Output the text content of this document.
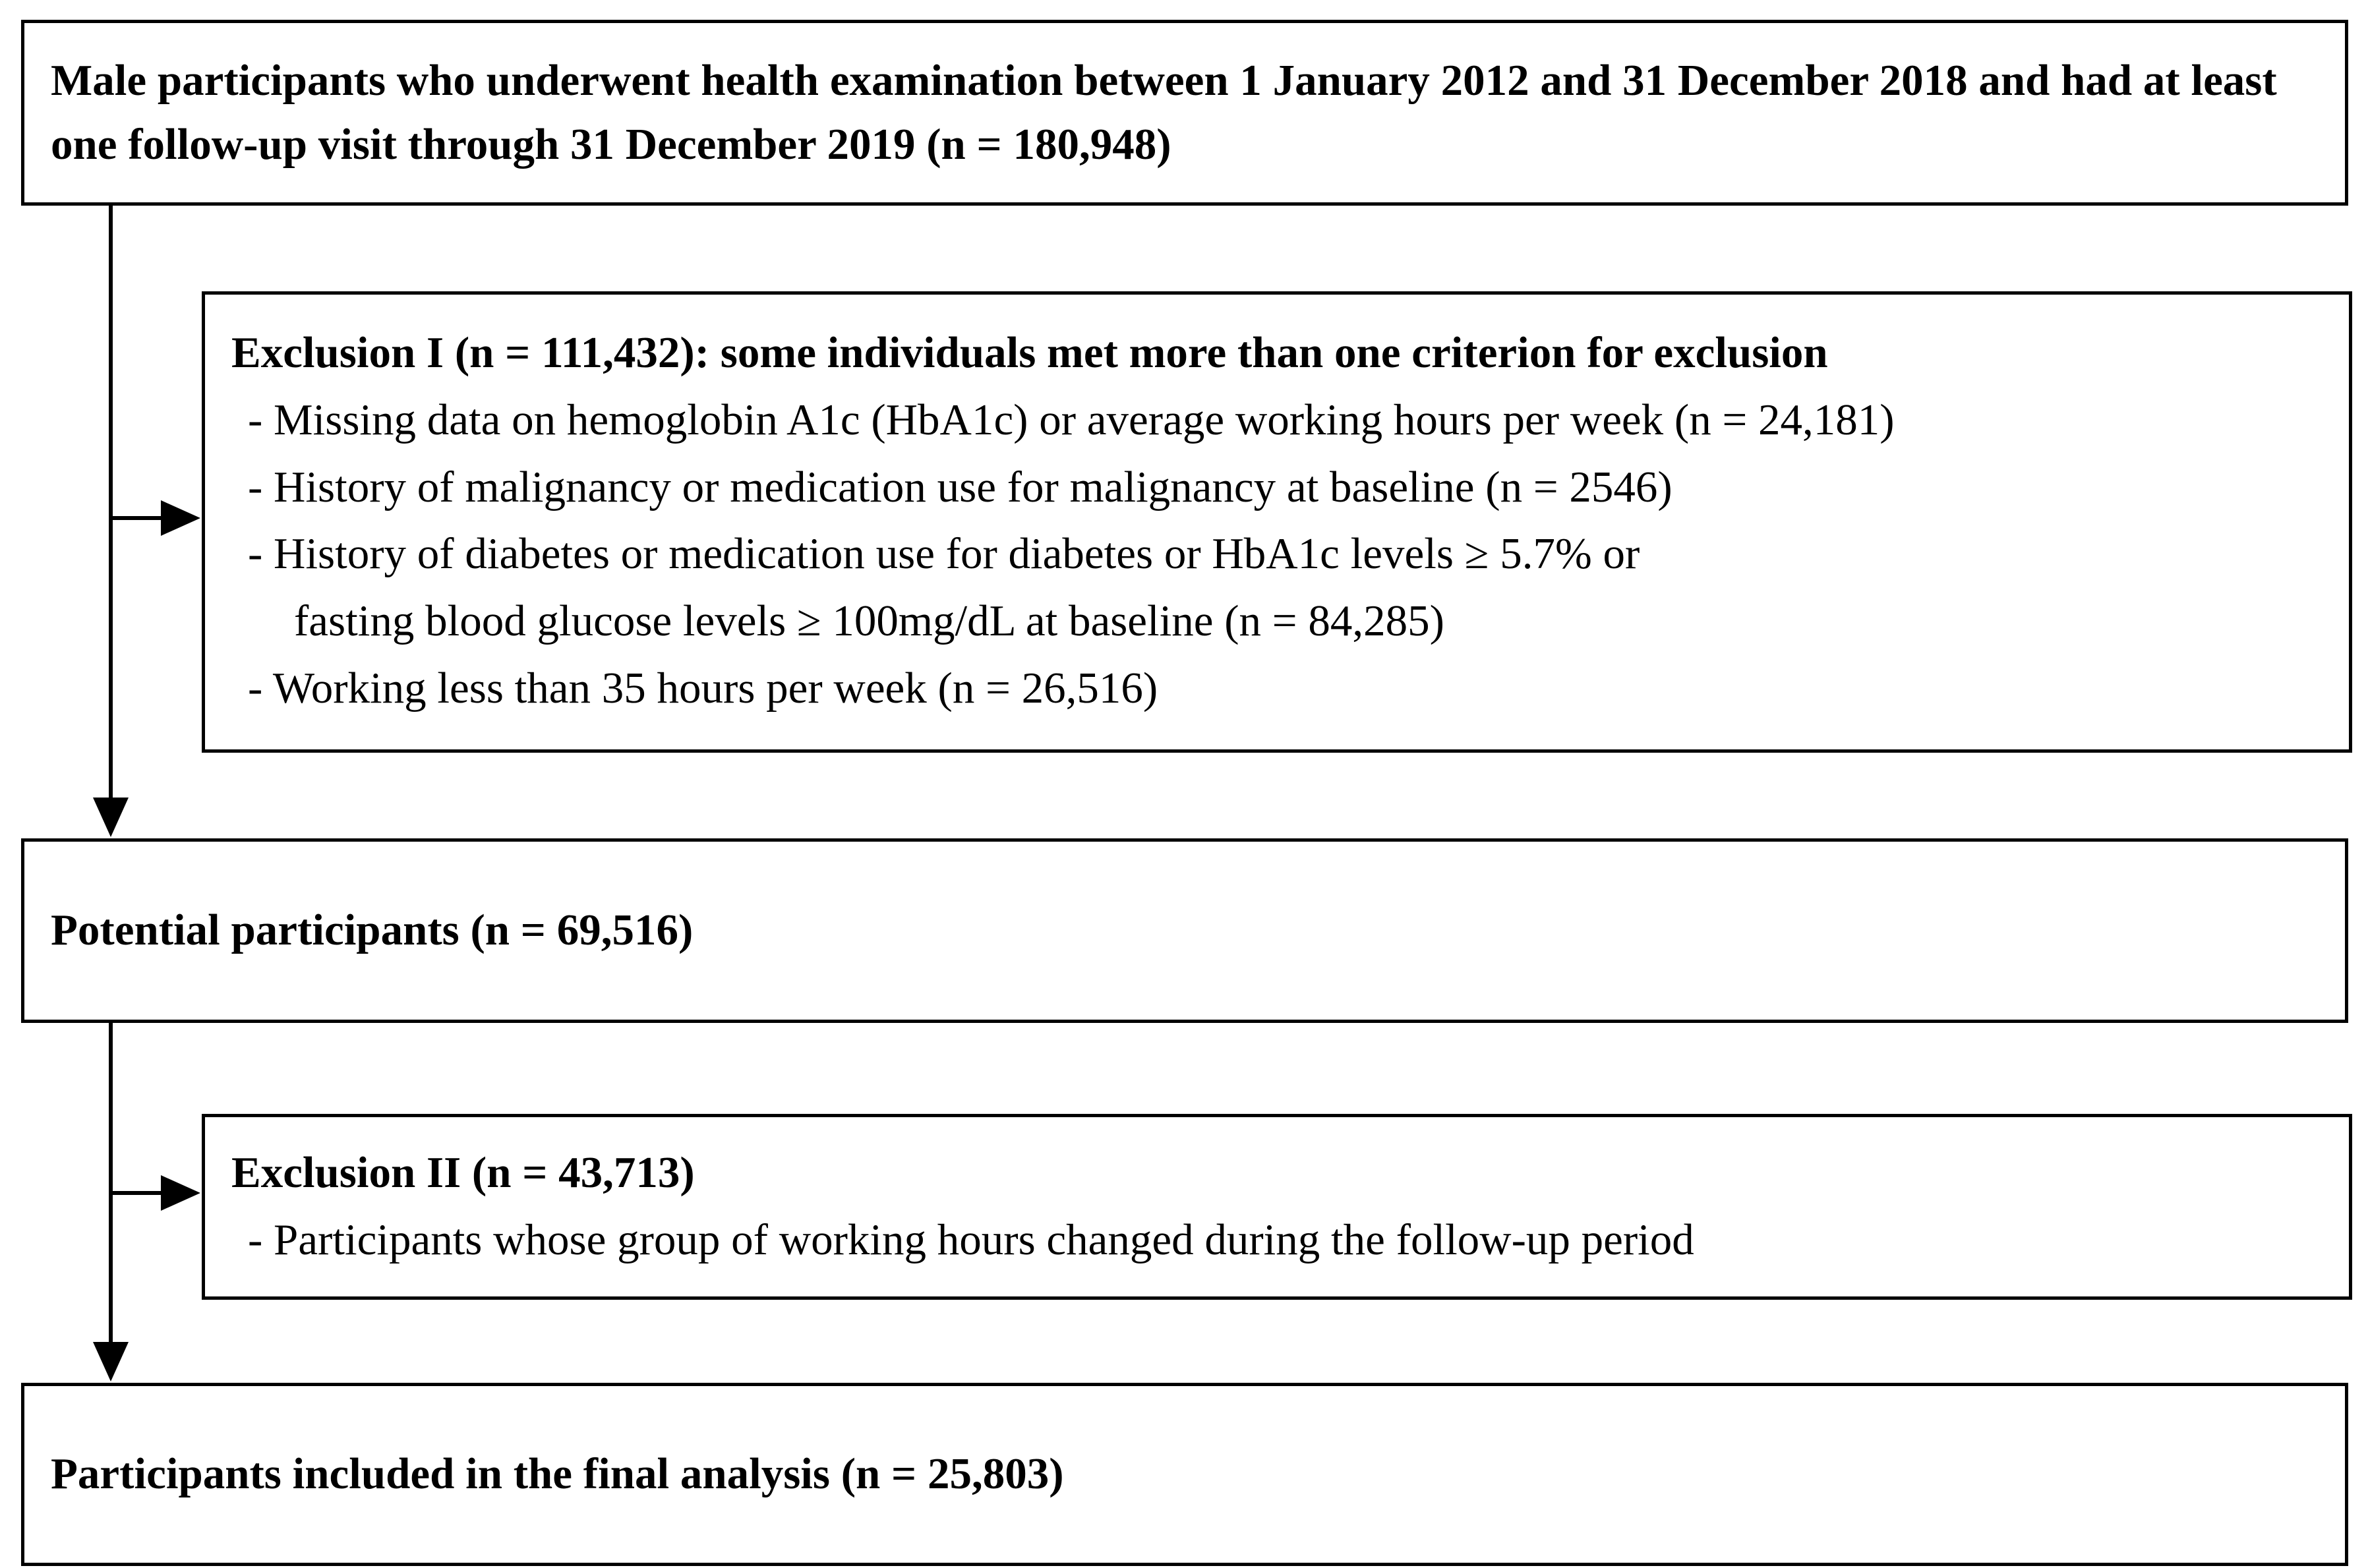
Male participants who underwent health examination between 1 January 2012 and 31 December 2018 and had at least one follow-up visit through 31 December 2019 (n = 180,948)
Exclusion I (n = 111,432): some individuals met more than one criterion for exclusion
- Missing data on hemoglobin A1c (HbA1c) or average working hours per week (n = 24,181)
- History of malignancy or medication use for malignancy at baseline (n = 2546)
- History of diabetes or medication use for diabetes or HbA1c levels ≥ 5.7% or
fasting blood glucose levels ≥ 100mg/dL at baseline (n = 84,285)
- Working less than 35 hours per week (n = 26,516)
Potential participants (n = 69,516)
Exclusion II (n = 43,713)
- Participants whose group of working hours changed during the follow-up period
Participants included in the final analysis (n = 25,803)
